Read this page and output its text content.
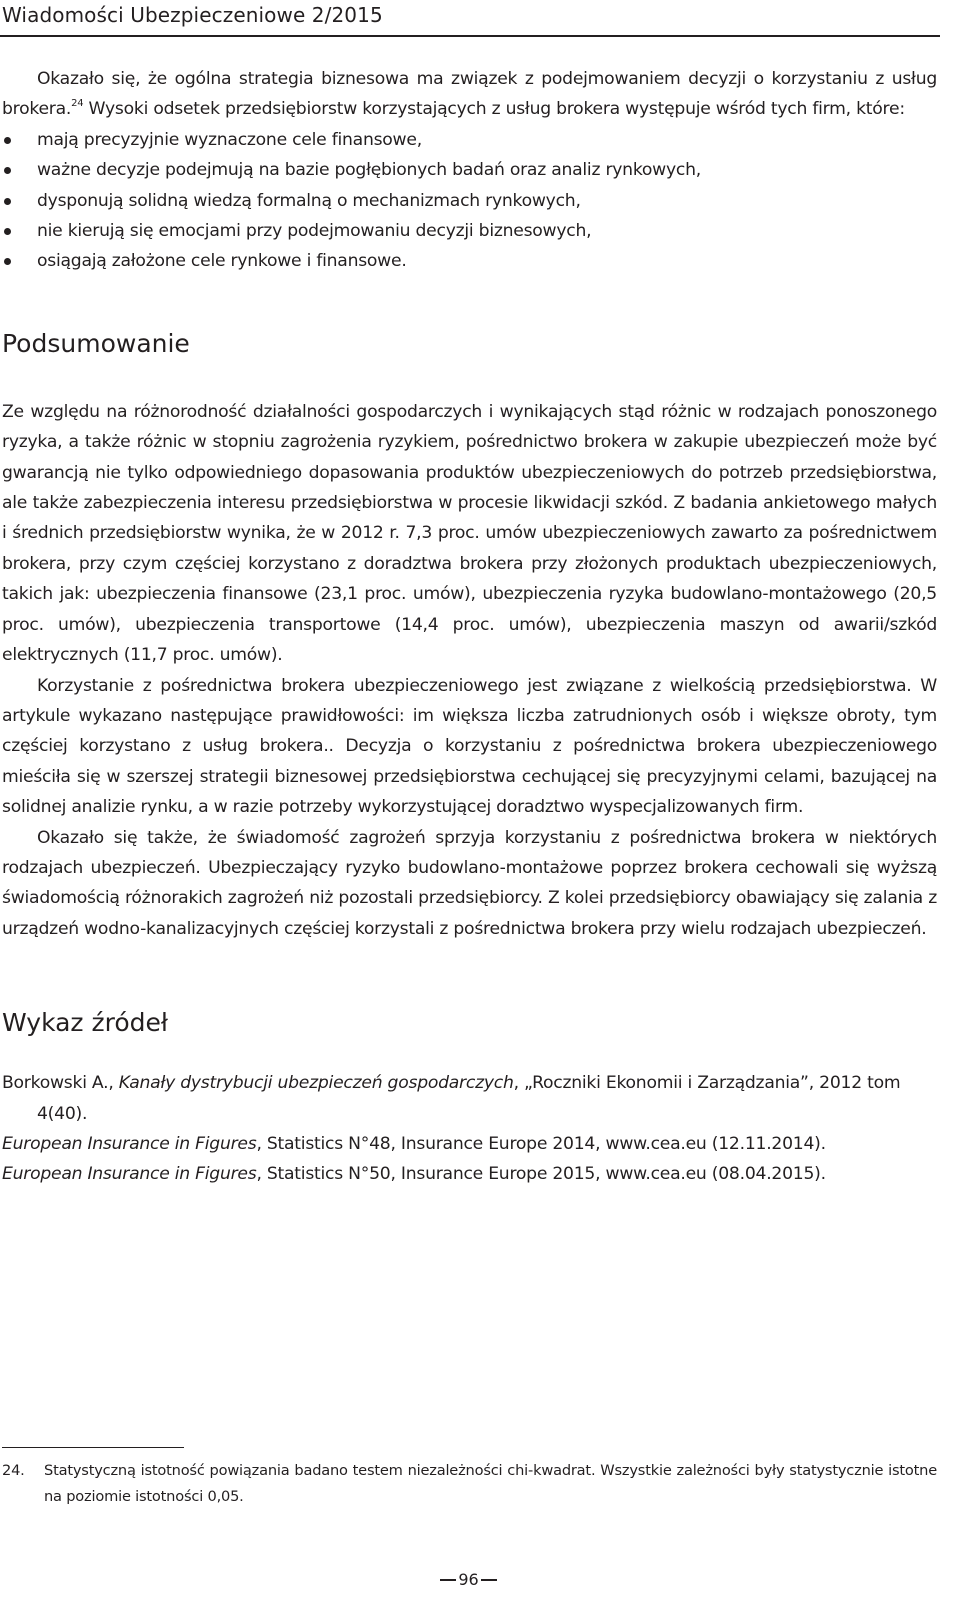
Wiadomości Ubezpieczeniowe 2/2015

Okazało się, że ogólna strategia biznesowa ma związek z podejmowaniem decyzji o korzystaniu z usług brokera.$^{24}$ Wysoki odsetek przedsiębiorstw korzystających z usług brokera występuje wśród tych firm, które:

mają precyzyjnie wyznaczone cele finansowe,
ważne decyzje podejmują na bazie pogłębionych badań oraz analiz rynkowych,
dysponują solidną wiedzą formalną o mechanizmach rynkowych,
nie kierują się emocjami przy podejmowaniu decyzji biznesowych,
osiągają założone cele rynkowe i finansowe.
Podsumowanie

Ze względu na różnorodność działalności gospodarczych i wynikających stąd różnic w rodzajach ponoszonego ryzyka, a także różnic w stopniu zagrożenia ryzykiem, pośrednictwo brokera w zakupie ubezpieczeń może być gwarancją nie tylko odpowiedniego dopasowania produktów ubezpieczeniowych do potrzeb przedsiębiorstwa, ale także zabezpieczenia interesu przedsiębiorstwa w procesie likwidacji szkód. Z badania ankietowego małych i średnich przedsiębiorstw wynika, że w 2012 r. 7,3 proc. umów ubezpieczeniowych zawarto za pośrednictwem brokera, przy czym częściej korzystano z doradztwa brokera przy złożonych produktach ubezpieczeniowych, takich jak: ubezpieczenia finansowe (23,1 proc. umów), ubezpieczenia ryzyka budowlano-montażowego (20,5 proc. umów), ubezpieczenia transportowe (14,4 proc. umów), ubezpieczenia maszyn od awarii/szkód elektrycznych (11,7 proc. umów).

Korzystanie z pośrednictwa brokera ubezpieczeniowego jest związane z wielkością przedsiębiorstwa. W artykule wykazano następujące prawidłowości: im większa liczba zatrudnionych osób i większe obroty, tym częściej korzystano z usług brokera.. Decyzja o korzystaniu z pośrednictwa brokera ubezpieczeniowego mieściła się w szerszej strategii biznesowej przedsiębiorstwa cechującej się precyzyjnymi celami, bazującej na solidnej analizie rynku, a w razie potrzeby wykorzystującej doradztwo wyspecjalizowanych firm.

Okazało się także, że świadomość zagrożeń sprzyja korzystaniu z pośrednictwa brokera w niektórych rodzajach ubezpieczeń. Ubezpieczający ryzyko budowlano-montażowe poprzez brokera cechowali się wyższą świadomością różnorakich zagrożeń niż pozostali przedsiębiorcy. Z kolei przedsiębiorcy obawiający się zalania z urządzeń wodno-kanalizacyjnych częściej korzystali z pośrednictwa brokera przy wielu rodzajach ubezpieczeń.

Wykaz źródeł

Borkowski A., Kanały dystrybucji ubezpieczeń gospodarczych, „Roczniki Ekonomii i Zarządzania”, 2012 tom 4(40).

European Insurance in Figures, Statistics N°48, Insurance Europe 2014, www.cea.eu (12.11.2014).

European Insurance in Figures, Statistics N°50, Insurance Europe 2015, www.cea.eu (08.04.2015).

24. Statystyczną istotność powiązania badano testem niezależności chi-kwadrat. Wszystkie zależności były statystycznie istotne na poziomie istotności 0,05.
96
